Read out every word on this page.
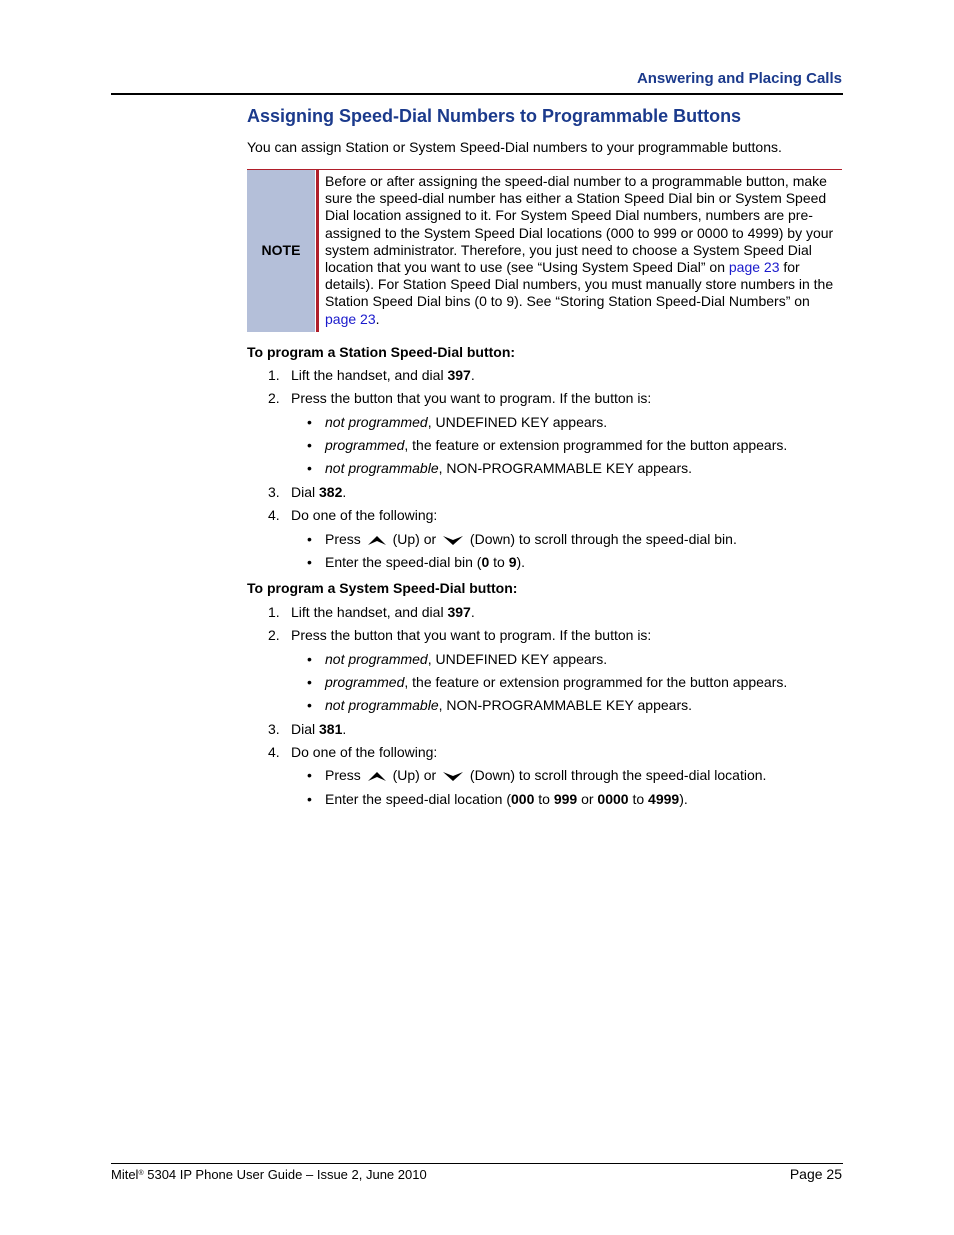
Answering and Placing Calls
Assigning Speed-Dial Numbers to Programmable Buttons
You can assign Station or System Speed-Dial numbers to your programmable buttons.
NOTE
Before or after assigning the speed-dial number to a programmable button, make sure the speed-dial number has either a Station Speed Dial bin or System Speed Dial location assigned to it. For System Speed Dial numbers, numbers are pre-assigned to the System Speed Dial locations (000 to 999 or 0000 to 4999) by your system administrator. Therefore, you just need to choose a System Speed Dial location that you want to use (see “Using System Speed Dial” on page 23 for details). For Station Speed Dial numbers, you must manually store numbers in the Station Speed Dial bins (0 to 9). See “Storing Station Speed-Dial Numbers” on page 23.
To program a Station Speed-Dial button:
1. Lift the handset, and dial 397.
2. Press the button that you want to program. If the button is:
• not programmed, UNDEFINED KEY appears.
• programmed, the feature or extension programmed for the button appears.
• not programmable, NON-PROGRAMMABLE KEY appears.
3. Dial 382.
4. Do one of the following:
• Press (Up) or (Down) to scroll through the speed-dial bin.
• Enter the speed-dial bin (0 to 9).
To program a System Speed-Dial button:
1. Lift the handset, and dial 397.
2. Press the button that you want to program. If the button is:
• not programmed, UNDEFINED KEY appears.
• programmed, the feature or extension programmed for the button appears.
• not programmable, NON-PROGRAMMABLE KEY appears.
3. Dial 381.
4. Do one of the following:
• Press (Up) or (Down) to scroll through the speed-dial location.
• Enter the speed-dial location (000 to 999 or 0000 to 4999).
Mitel® 5304 IP Phone User Guide – Issue 2, June 2010	Page 25
